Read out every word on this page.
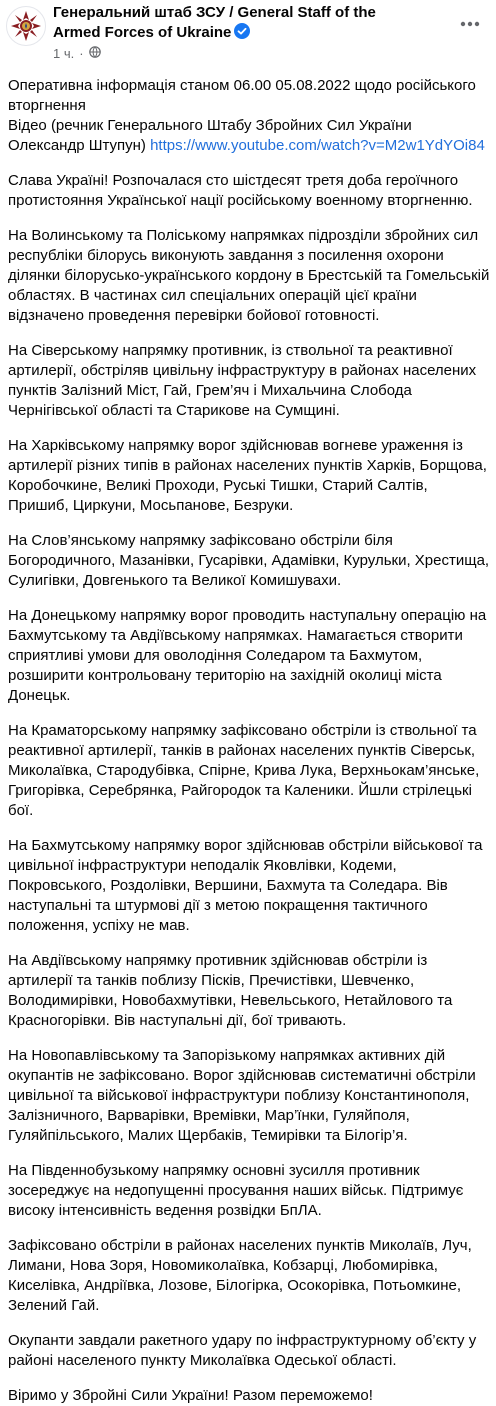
Генеральний штаб ЗСУ / General Staff of the Armed Forces of Ukraine
1 ч. ·
Оперативна інформація станом 06.00 05.08.2022 щодо російського вторгнення
Відео (речник Генерального Штабу Збройних Сил України Олександр Штупун) https://www.youtube.com/watch?v=M2w1YdYOi84
Слава Україні! Розпочалася сто шістдесят третя доба героїчного протистояння Української нації російському военному вторгненню.
На Волинському та Поліському напрямках підрозділи збройних сил республіки білорусь виконують завдання з посилення охорони ділянки білорусько-українського кордону в Брестській та Гомельській областях. В частинах сил спеціальних операцій цієї країни відзначено проведення перевірки бойової готовності.
На Сіверському напрямку противник, із ствольної та реактивної артилерії, обстріляв цивільну інфраструктуру в районах населених пунктів Залізний Міст, Гай, Грем’яч і Михальчина Слобода Чернігівської області та Старикове на Сумщині.
На Харківському напрямку ворог здійснював вогневе ураження із артилерії різних типів в районах населених пунктів Харків, Борщова, Коробочкине, Великі Проходи, Руські Тишки, Старий Салтів, Пришиб, Циркуни, Мосьпанове, Безруки.
На Слов’янському напрямку зафіксовано обстріли біля Богородичного, Мазанівки, Гусарівки, Адамівки, Курульки, Хрестища, Сулигівки, Довгенького та Великої Комишувахи.
На Донецькому напрямку ворог проводить наступальну операцію на Бахмутському та Авдіївському напрямках. Намагається створити сприятливі умови для оволодіння Соледаром та Бахмутом, розширити контрольовану територію на західній околиці міста Донецьк.
На Краматорському напрямку зафіксовано обстріли із ствольної та реактивної артилерії, танків в районах населених пунктів Сіверськ, Миколаївка, Стародубівка, Спірне, Крива Лука, Верхньокам’янське, Григорівка, Серебрянка, Райгородок та Каленики. Йшли стрілецькі бої.
На Бахмутському напрямку ворог здійснював обстріли військової та цивільної інфраструктури неподалік Яковлівки, Кодеми, Покровського, Роздолівки, Вершини, Бахмута та Соледара. Вів наступальні та штурмові дії з метою покращення тактичного положення, успіху не мав.
На Авдіївському напрямку противник здійснював обстріли із артилерії та танків поблизу Пісків, Пречистівки, Шевченко, Володимирівки, Новобахмутівки, Невельського, Нетайлового та Красногорівки. Вів наступальні дії, бої тривають.
На Новопавлівському та Запорізькому напрямках активних дій окупантів не зафіксовано. Ворог здійснював систематичні обстріли цивільної та військової інфраструктури поблизу Константинополя, Залізничного, Варварівки, Времівки, Мар’їнки, Гуляйполя, Гуляйпільського, Малих Щербаків, Темирівки та Білогір’я.
На Південнобузькому напрямку основні зусилля противник зосереджує на недопущенні просування наших військ. Підтримує високу інтенсивність ведення розвідки БпЛА.
Зафіксовано обстріли в районах населених пунктів Миколаїв, Луч, Лимани, Нова Зоря, Новомиколаївка, Кобзарці, Любомирівка, Киселівка, Андріївка, Лозове, Білогірка, Осокорівка, Потьомкине, Зелений Гай.
Окупанти завдали ракетного удару по інфраструктурному об’єкту у районі населеного пункту Миколаївка Одеської області.
Віримо у Збройні Сили України! Разом переможемо!
